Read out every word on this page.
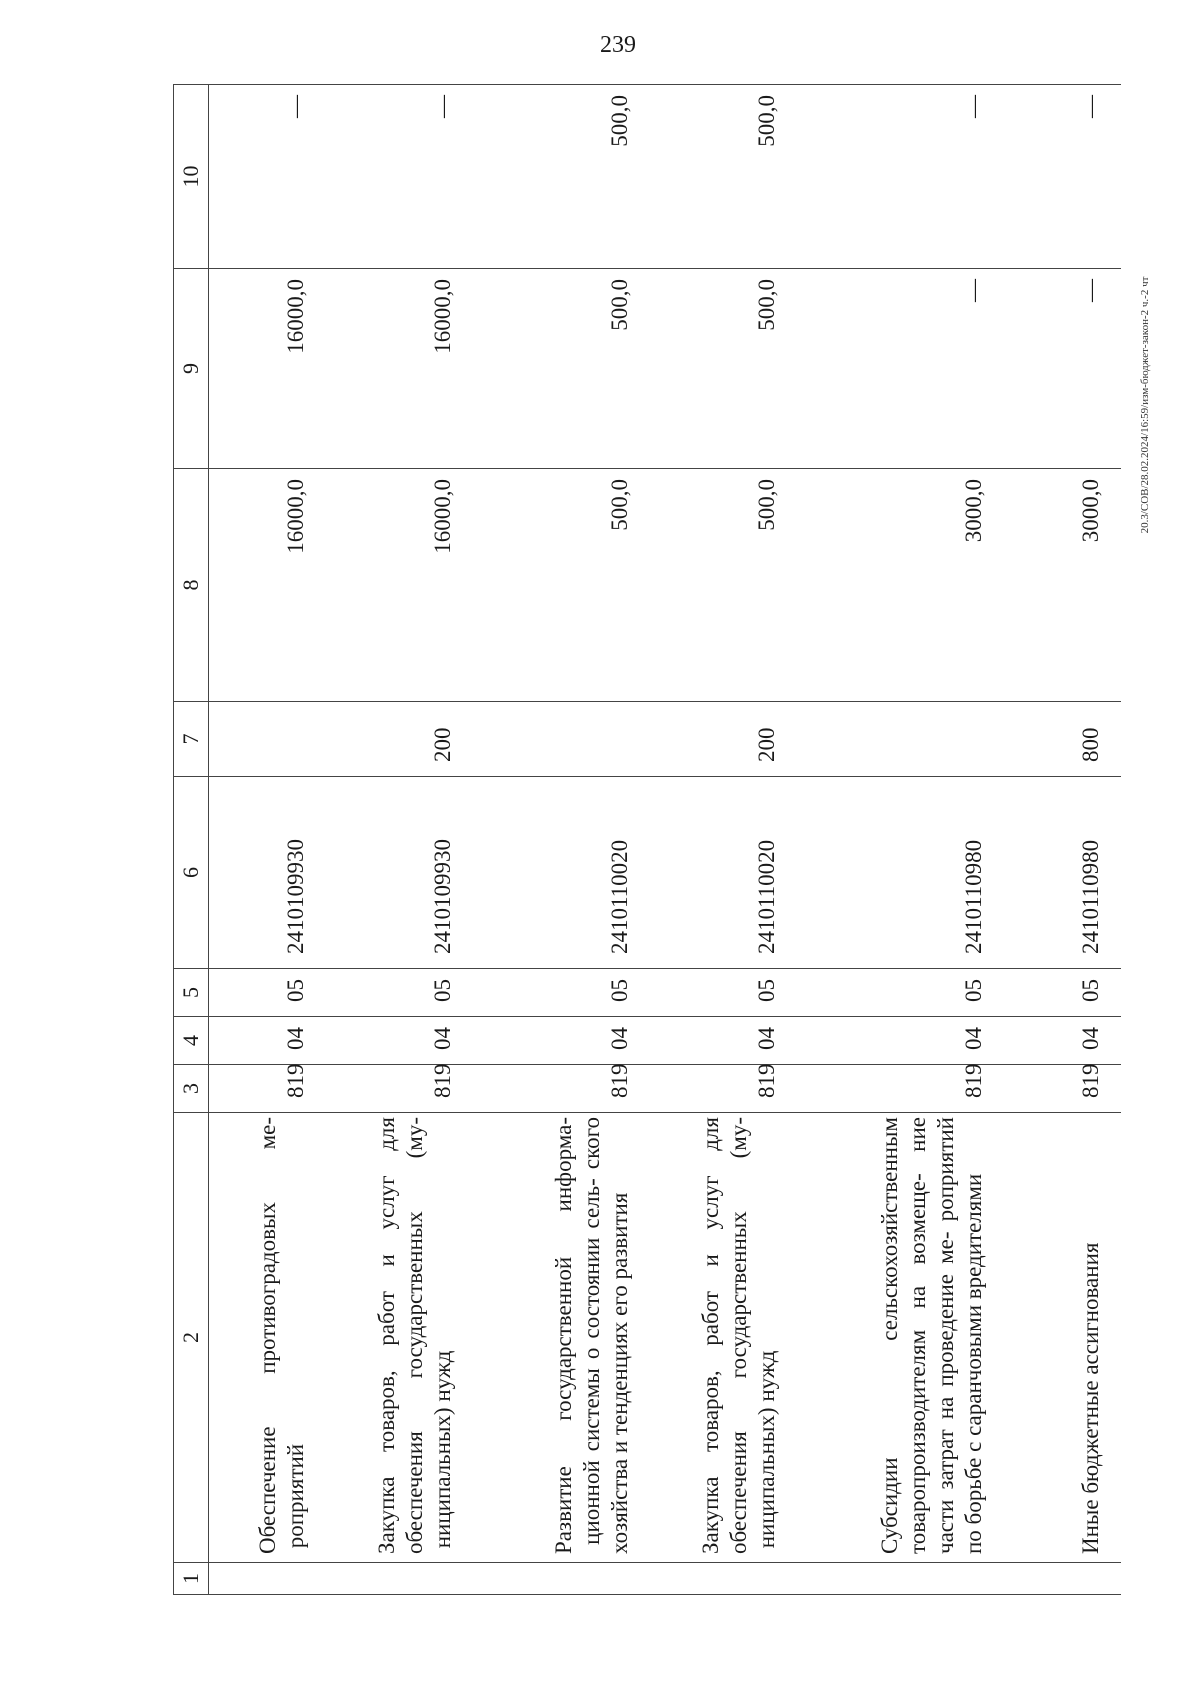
239
20.3/СОВ/28.02.2024/16:59/изм-бюджет-закон-2 ч.-2 чт
1	2	3	4	5	6	7	8	9	10
	Обеспечение противоградовых ме- роприятий	819	04	05	2410109930		16000,0	16000,0	—
	Закупка товаров, работ и услуг для обеспечения государственных (му- ниципальных) нужд	819	04	05	2410109930	200	16000,0	16000,0	—
	Развитие государственной информа- ционной системы о состоянии сель- ского хозяйства и тенденциях его развития	819	04	05	2410110020		500,0	500,0	500,0
	Закупка товаров, работ и услуг для обеспечения государственных (му- ниципальных) нужд	819	04	05	2410110020	200	500,0	500,0	500,0
	Субсидии сельскохозяйственным товаропроизводителям на возмеще- ние части затрат на проведение ме- роприятий по борьбе с саранчовыми вредителями	819	04	05	2410110980		3000,0	—	—
	Иные бюджетные ассигнования	819	04	05	2410110980	800	3000,0	—	—
